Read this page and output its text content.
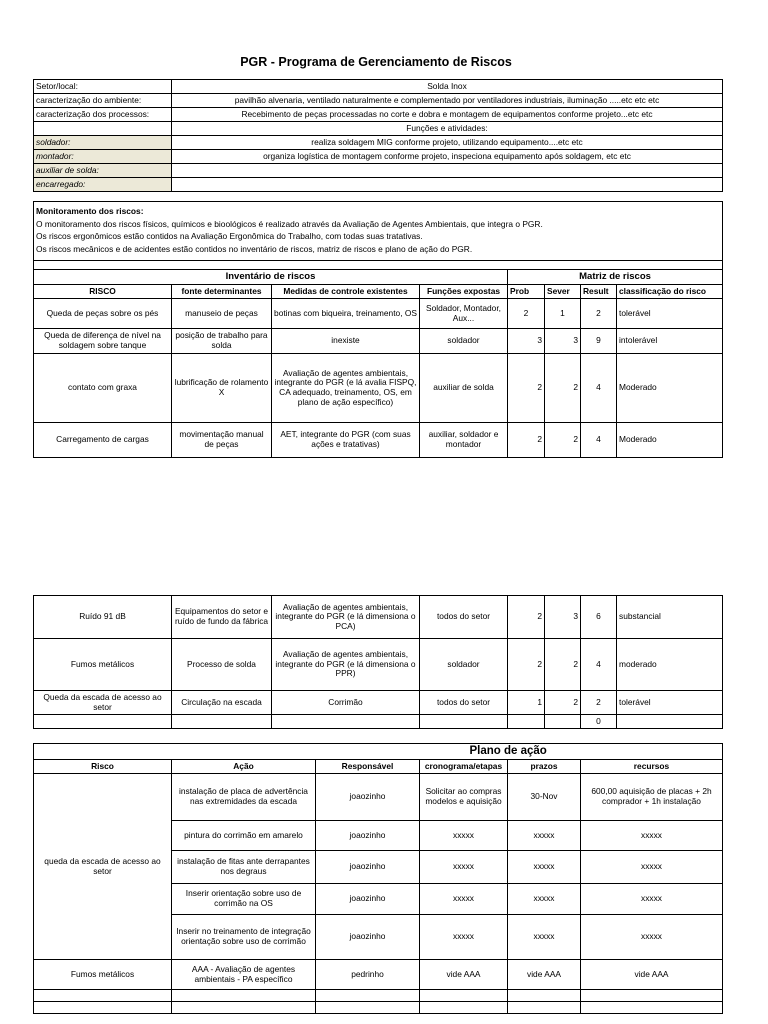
PGR - Programa de Gerenciamento de Riscos
Setor/local:	Solda Inox
caracterização do ambiente:	pavilhão alvenaria, ventilado naturalmente e complementado por ventiladores industriais, iluminação .....etc etc etc
caracterização dos processos:	Recebimento de peças processadas no corte e dobra e montagem de equipamentos conforme projeto...etc etc
	Funções e atividades:
soldador:	realiza soldagem MIG conforme projeto, utilizando equipamento....etc etc
montador:	organiza logística de montagem conforme projeto, inspeciona equipamento após soldagem, etc etc
auxiliar de solda:	
encarregado:	
Monitoramento dos riscos:
O monitoramento dos riscos físicos, químicos e bioológicos é realizado através da Avaliação de Agentes Ambientais, que integra o PGR.
Os riscos ergonômicos estão contidos na Avaliação Ergonômica do Trabalho, com todas suas tratativas.
Os riscos mecânicos e de acidentes estão contidos no inventário de riscos, matriz de riscos e plano de ação do PGR.							

Inventário de riscos				Matriz de riscos			
RISCO	fonte determinantes	Medidas de controle existentes	Funções expostas	Prob	Sever	Result	classificação do risco
Queda de peças sobre os pés	manuseio de peças	botinas com biqueira, treinamento, OS	Soldador, Montador, Aux...	2	1	2	tolerável
Queda de diferença de nível na soldagem sobre tanque	posição de trabalho para solda	inexiste	soldador	3	3	9	intolerável
contato com graxa	lubrificação de rolamento X	Avaliação de agentes ambientais, integrante do PGR (e lá avalia FISPQ, CA adequado, treinamento, OS, em plano de ação específico)	auxiliar de solda	2	2	4	Moderado
Carregamento de cargas	movimentação manual de peças	AET, integrante do PGR (com suas ações e tratativas)	auxiliar, soldador e montador	2	2	4	Moderado
Ruído 91 dB	Equipamentos do setor e ruído de fundo da fábrica	Avaliação de agentes ambientais, integrante do PGR (e lá dimensiona o PCA)	todos do setor	2	3	6	substancial
Fumos metálicos	Processo de solda	Avaliação de agentes ambientais, integrante do PGR (e lá dimensiona o PPR)	soldador	2	2	4	moderado
Queda da escada de acesso ao setor	Circulação na escada	Corrimão	todos do setor	1	2	2	tolerável
						0	
			Plano de ação		
Risco	Ação	Responsável	cronograma/etapas	prazos	recursos
queda da escada de acesso ao setor	instalação de placa de advertência nas extremidades da escada	joaozinho	Solicitar ao compras modelos e aquisição	30-Nov	600,00 aquisição de placas + 2h comprador + 1h instalação
	pintura do corrimão em amarelo	joaozinho	xxxxx	xxxxx	xxxxx
	instalação de fitas ante derrapantes nos degraus	joaozinho	xxxxx	xxxxx	xxxxx
	Inserir orientação sobre uso de corrimão na OS	joaozinho	xxxxx	xxxxx	xxxxx
	Inserir no treinamento de integração orientação sobre uso de corrimão	joaozinho	xxxxx	xxxxx	xxxxx
Fumos metálicos	AAA - Avaliação de agentes ambientais - PA específico	pedrinho	vide AAA	vide AAA	vide AAA
